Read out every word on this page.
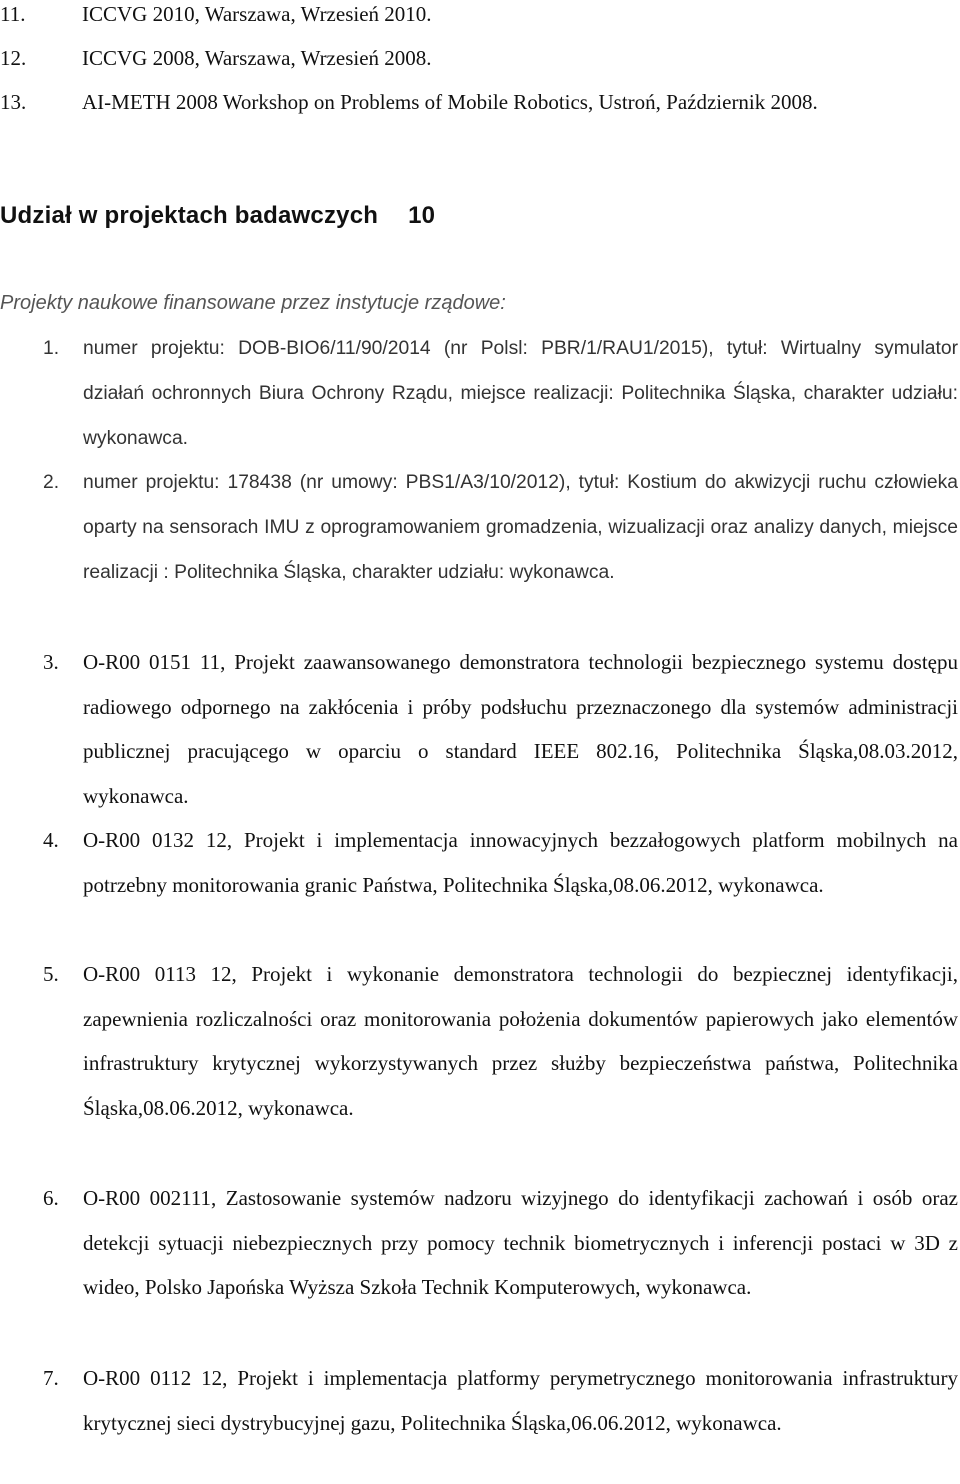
11.	ICCVG 2010, Warszawa, Wrzesień 2010.
12.	ICCVG 2008, Warszawa, Wrzesień 2008.
13.	AI-METH 2008 Workshop on Problems of Mobile Robotics, Ustroń, Październik 2008.
Udział w projektach badawczych 10
Projekty naukowe finansowane przez instytucje rządowe:
1.	numer projektu: DOB-BIO6/11/90/2014 (nr Polsl: PBR/1/RAU1/2015), tytuł: Wirtualny symulator działań ochronnych Biura Ochrony Rządu, miejsce realizacji: Politechnika Śląska, charakter udziału: wykonawca.
2.	numer projektu: 178438 (nr umowy: PBS1/A3/10/2012), tytuł: Kostium do akwizycji ruchu człowieka oparty na sensorach IMU z oprogramowaniem gromadzenia, wizualizacji oraz analizy danych, miejsce realizacji : Politechnika Śląska, charakter udziału: wykonawca.
3.	O-R00 0151 11, Projekt zaawansowanego demonstratora technologii bezpiecznego systemu dostępu radiowego odpornego na zakłócenia i próby podsłuchu przeznaczonego dla systemów administracji publicznej pracującego w oparciu o standard IEEE 802.16, Politechnika Śląska,08.03.2012, wykonawca.
4.	O-R00 0132 12, Projekt i implementacja innowacyjnych bezzałogowych platform mobilnych na potrzebny monitorowania granic Państwa, Politechnika Śląska,08.06.2012, wykonawca.
5.	O-R00 0113 12, Projekt i wykonanie demonstratora technologii do bezpiecznej identyfikacji, zapewnienia rozliczalności oraz monitorowania położenia dokumentów papierowych jako elementów infrastruktury krytycznej wykorzystywanych przez służby bezpieczeństwa państwa, Politechnika Śląska,08.06.2012, wykonawca.
6.	O-R00 002111, Zastosowanie systemów nadzoru wizyjnego do identyfikacji zachowań i osób oraz detekcji sytuacji niebezpiecznych przy pomocy technik biometrycznych i inferencji postaci w 3D z wideo, Polsko Japońska Wyższa Szkoła Technik Komputerowych, wykonawca.
7.	O-R00 0112 12, Projekt i implementacja platformy perymetrycznego monitorowania infrastruktury krytycznej sieci dystrybucyjnej gazu, Politechnika Śląska,06.06.2012, wykonawca.
